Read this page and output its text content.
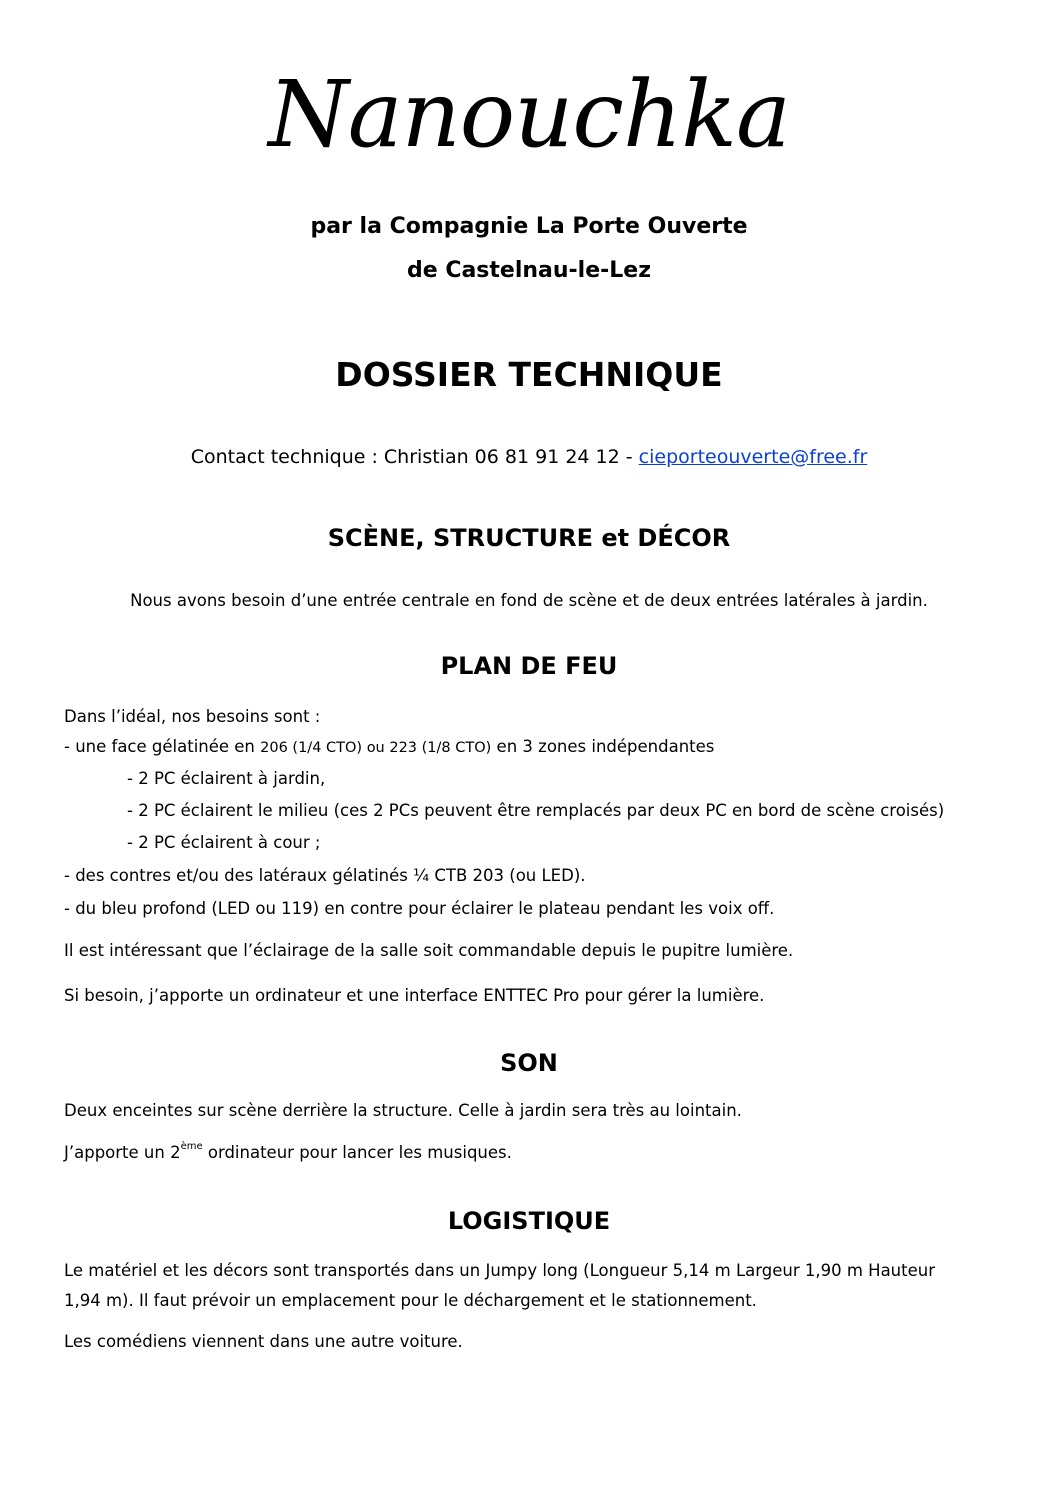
Nanouchka
par la Compagnie La Porte Ouverte
de Castelnau-le-Lez
DOSSIER TECHNIQUE
Contact technique : Christian 06 81 91 24 12 - cieporteouverte@free.fr
SCÈNE, STRUCTURE et DÉCOR
Nous avons besoin d’une entrée centrale en fond de scène et de deux entrées latérales à jardin.
PLAN DE FEU
Dans l’idéal, nos besoins sont :
- une face gélatinée en 206 (1/4 CTO) ou 223 (1/8 CTO) en 3 zones indépendantes
- 2 PC éclairent à jardin,
- 2 PC éclairent le milieu (ces 2 PCs peuvent être remplacés par deux PC en bord de scène croisés)
- 2 PC éclairent à cour ;
- des contres et/ou des latéraux gélatinés ¼ CTB 203 (ou LED).
- du bleu profond (LED ou 119) en contre pour éclairer le plateau pendant les voix off.
Il est intéressant que l’éclairage de la salle soit commandable depuis le pupitre lumière.
Si besoin, j’apporte un ordinateur et une interface ENTTEC Pro pour gérer la lumière.
SON
Deux enceintes sur scène derrière la structure. Celle à jardin sera très au lointain.
J’apporte un 2ème ordinateur pour lancer les musiques.
LOGISTIQUE
Le matériel et les décors sont transportés dans un Jumpy long (Longueur 5,14 m Largeur 1,90 m Hauteur
1,94 m). Il faut prévoir un emplacement pour le déchargement et le stationnement.
Les comédiens viennent dans une autre voiture.
